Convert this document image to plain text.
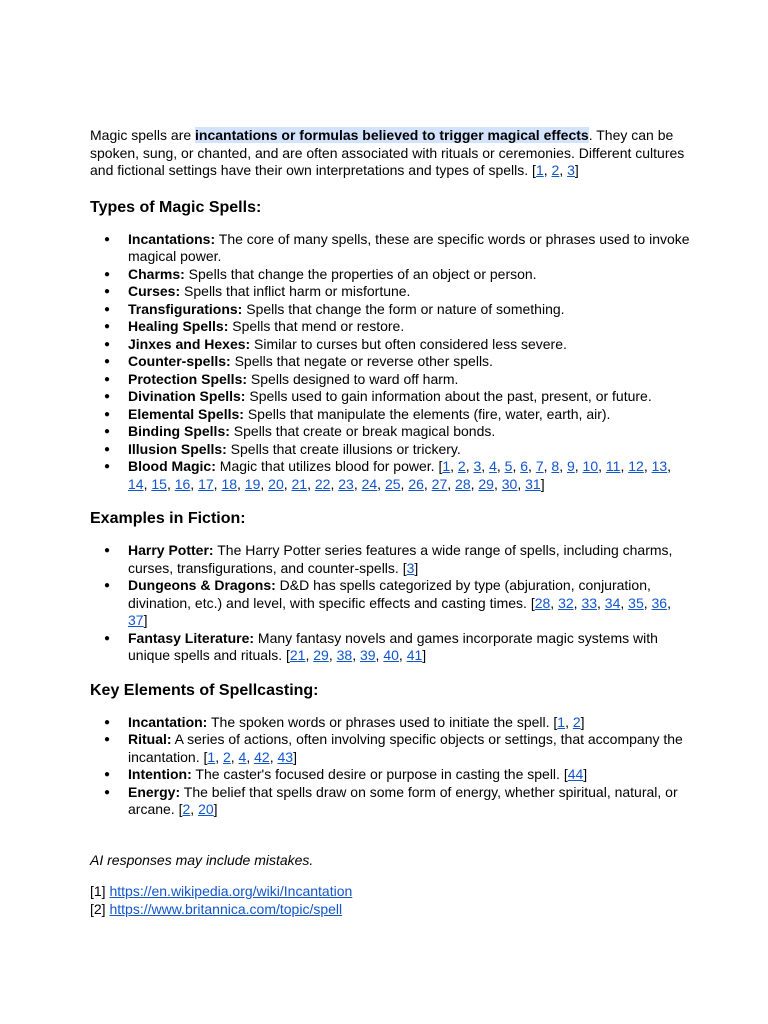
Magic spells are incantations or formulas believed to trigger magical effects. They can be spoken, sung, or chanted, and are often associated with rituals or ceremonies. Different cultures and fictional settings have their own interpretations and types of spells. [1, 2, 3]

Types of Magic Spells:
● Incantations: The core of many spells, these are specific words or phrases used to invoke magical power.
● Charms: Spells that change the properties of an object or person.
● Curses: Spells that inflict harm or misfortune.
● Transfigurations: Spells that change the form or nature of something.
● Healing Spells: Spells that mend or restore.
● Jinxes and Hexes: Similar to curses but often considered less severe.
● Counter-spells: Spells that negate or reverse other spells.
● Protection Spells: Spells designed to ward off harm.
● Divination Spells: Spells used to gain information about the past, present, or future.
● Elemental Spells: Spells that manipulate the elements (fire, water, earth, air).
● Binding Spells: Spells that create or break magical bonds.
● Illusion Spells: Spells that create illusions or trickery.
● Blood Magic: Magic that utilizes blood for power. [1, 2, 3, 4, 5, 6, 7, 8, 9, 10, 11, 12, 13, 14, 15, 16, 17, 18, 19, 20, 21, 22, 23, 24, 25, 26, 27, 28, 29, 30, 31]
Examples in Fiction:
● Harry Potter: The Harry Potter series features a wide range of spells, including charms, curses, transfigurations, and counter-spells. [3]
● Dungeons & Dragons: D&D has spells categorized by type (abjuration, conjuration, divination, etc.) and level, with specific effects and casting times. [28, 32, 33, 34, 35, 36, 37]
● Fantasy Literature: Many fantasy novels and games incorporate magic systems with unique spells and rituals. [21, 29, 38, 39, 40, 41]
Key Elements of Spellcasting:
● Incantation: The spoken words or phrases used to initiate the spell. [1, 2]
● Ritual: A series of actions, often involving specific objects or settings, that accompany the incantation. [1, 2, 4, 42, 43]
● Intention: The caster's focused desire or purpose in casting the spell. [44]
● Energy: The belief that spells draw on some form of energy, whether spiritual, natural, or arcane. [2, 20]

AI responses may include mistakes.

[1] https://en.wikipedia.org/wiki/Incantation
[2] https://www.britannica.com/topic/spell
